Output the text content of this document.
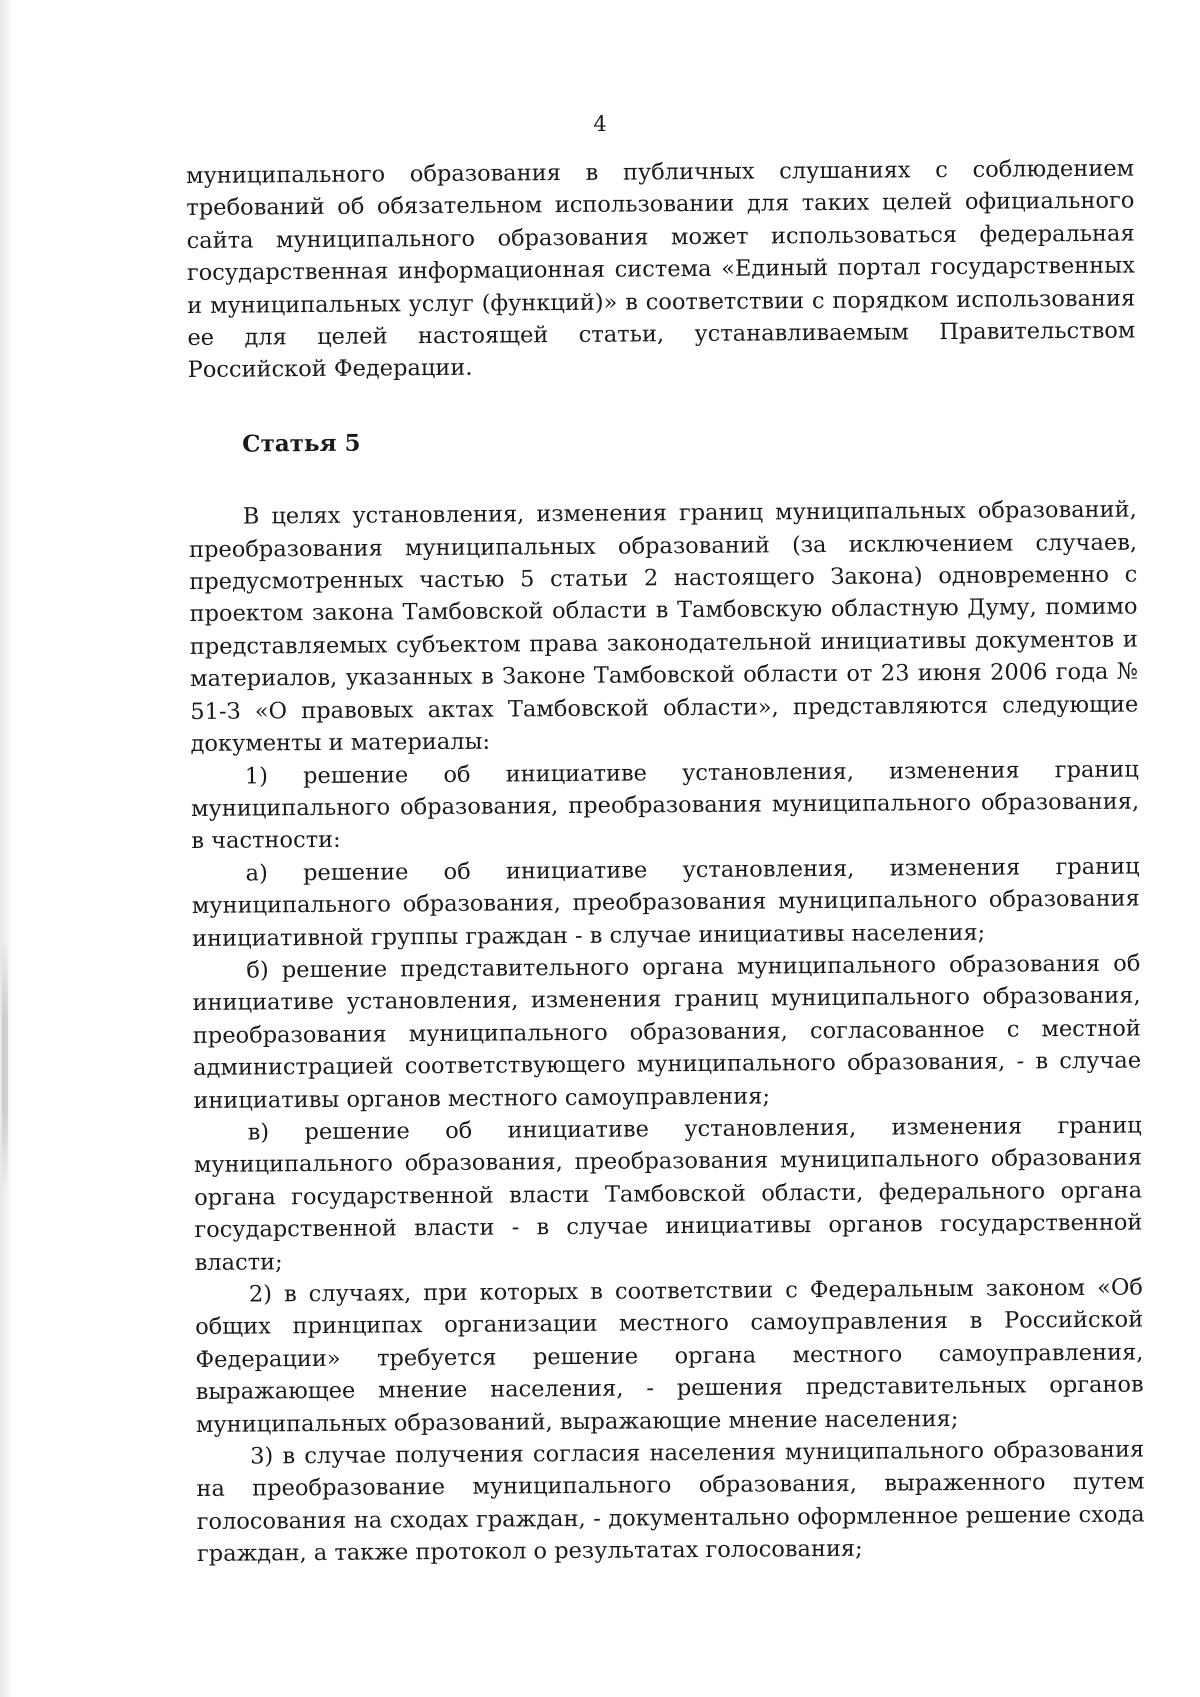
4

муниципального образования в публичных слушаниях с соблюдением требований об обязательном использовании для таких целей официального сайта муниципального образования может использоваться федеральная государственная информационная система «Единый портал государственных и муниципальных услуг (функций)» в соответствии с порядком использования ее для целей настоящей статьи, устанавливаемым Правительством Российской Федерации.

Статья 5

В целях установления, изменения границ муниципальных образований, преобразования муниципальных образований (за исключением случаев, предусмотренных частью 5 статьи 2 настоящего Закона) одновременно с проектом закона Тамбовской области в Тамбовскую областную Думу, помимо представляемых субъектом права законодательной инициативы документов и материалов, указанных в Законе Тамбовской области от 23 июня 2006 года № 51-З «О правовых актах Тамбовской области», представляются следующие документы и материалы:

1) решение об инициативе установления, изменения границ муниципального образования, преобразования муниципального образования, в частности:

а) решение об инициативе установления, изменения границ муниципального образования, преобразования муниципального образования инициативной группы граждан - в случае инициативы населения;

б) решение представительного органа муниципального образования об инициативе установления, изменения границ муниципального образования, преобразования муниципального образования, согласованное с местной администрацией соответствующего муниципального образования, - в случае инициативы органов местного самоуправления;

в) решение об инициативе установления, изменения границ муниципального образования, преобразования муниципального образования органа государственной власти Тамбовской области, федерального органа государственной власти - в случае инициативы органов государственной власти;

2) в случаях, при которых в соответствии с Федеральным законом «Об общих принципах организации местного самоуправления в Российской Федерации» требуется решение органа местного самоуправления, выражающее мнение населения, - решения представительных органов муниципальных образований, выражающие мнение населения;

3) в случае получения согласия населения муниципального образования на преобразование муниципального образования, выраженного путем голосования на сходах граждан, - документально оформленное решение схода граждан, а также протокол о результатах голосования;
